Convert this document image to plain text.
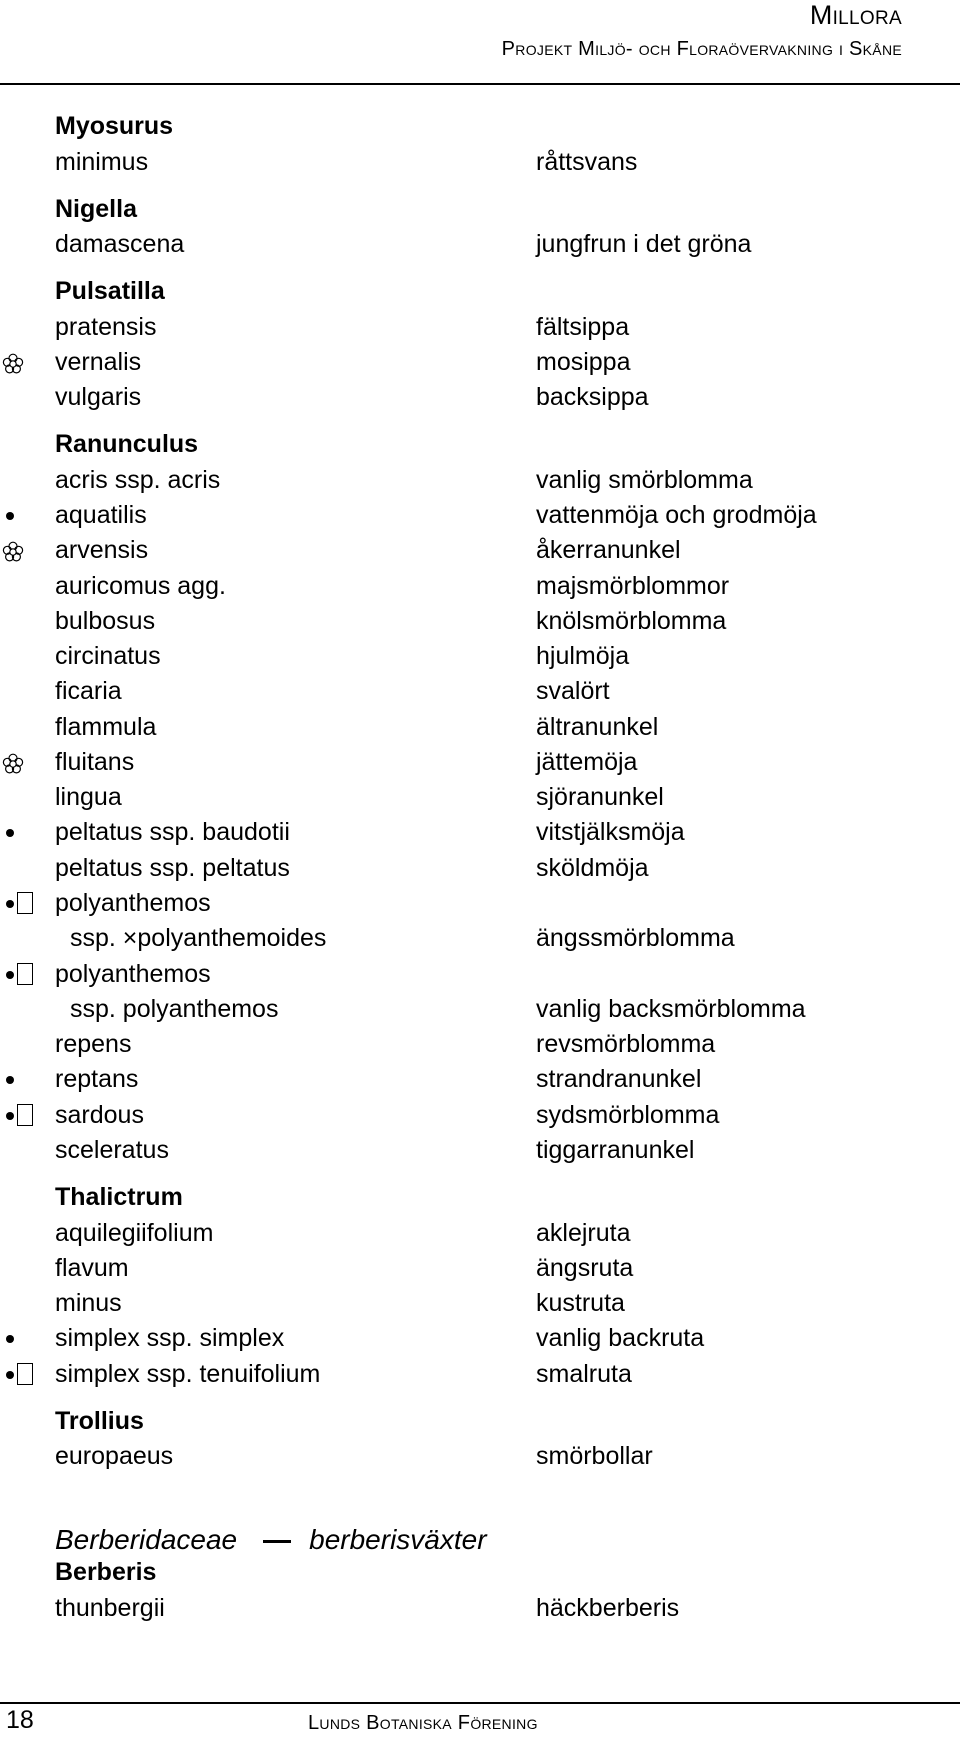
Millora
Projekt Miljö- och Floraövervakning i Skåne
Myosurus
minimus	råttsvans
Nigella
damascena	jungfrun i det gröna
Pulsatilla
pratensis	fältsippa
vernalis	mosippa
vulgaris	backsippa
Ranunculus
acris ssp. acris	vanlig smörblomma
aquatilis	vattenmöja och grodmöja
arvensis	åkerranunkel
auricomus agg.	majsmörblommor
bulbosus	knölsmörblomma
circinatus	hjulmöja
ficaria	svalört
flammula	ältranunkel
fluitans	jättemöja
lingua	sjöranunkel
peltatus ssp. baudotii	vitstjälksmöja
peltatus ssp. peltatus	sköldmöja
polyanthemos
ssp. ×polyanthemoides	ängssmörblomma
polyanthemos
ssp. polyanthemos	vanlig backsmörblomma
repens	revsmörblomma
reptans	strandranunkel
sardous	sydsmörblomma
sceleratus	tiggarranunkel
Thalictrum
aquilegiifolium	aklejruta
flavum	ängsruta
minus	kustruta
simplex ssp. simplex	vanlig backruta
simplex ssp. tenuifolium	smalruta
Trollius
europaeus	smörbollar
Berberis
thunbergii	häckberberis
Berberidaceae	berberisväxter
18	Lunds Botaniska Förening
